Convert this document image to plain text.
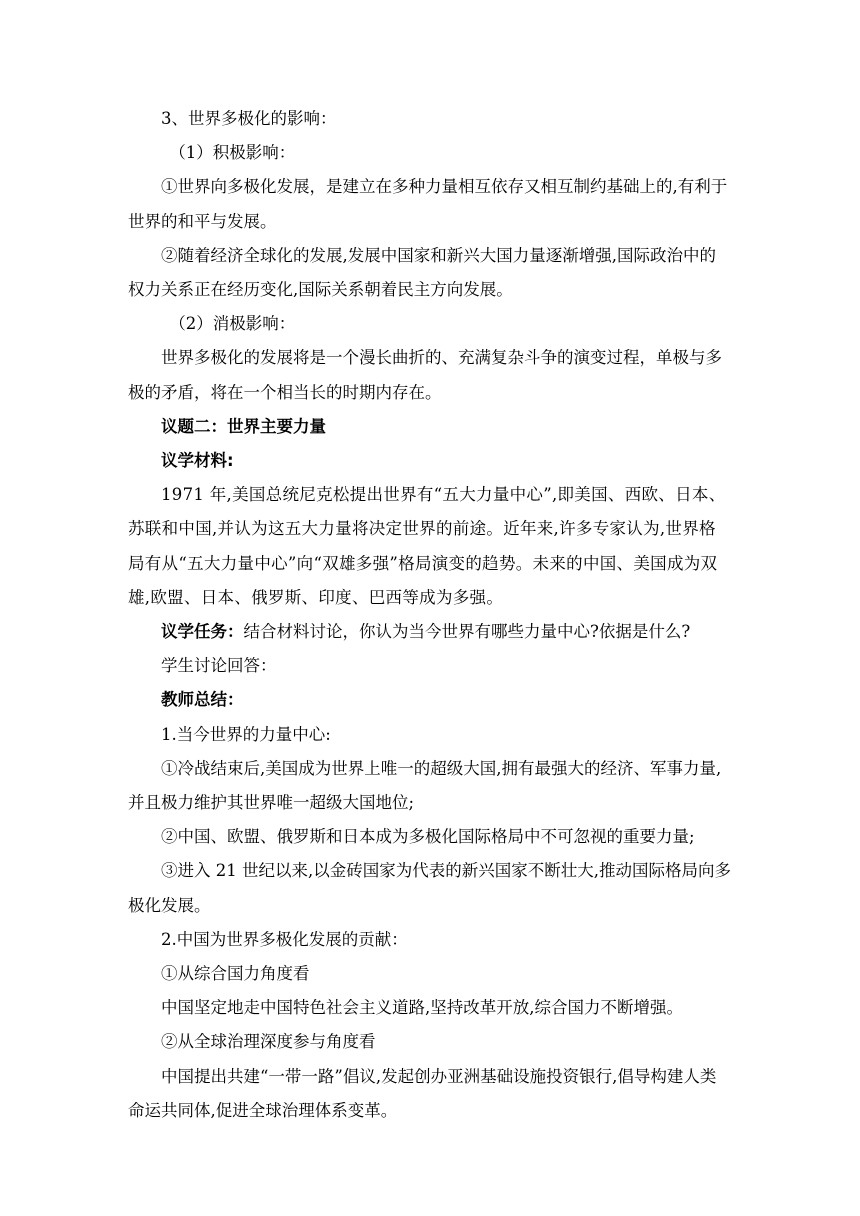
3、世界多极化的影响：

（1）积极影响：

①世界向多极化发展，是建立在多种力量相互依存又相互制约基础上的,有利于世界的和平与发展。

②随着经济全球化的发展,发展中国家和新兴大国力量逐渐增强,国际政治中的权力关系正在经历变化,国际关系朝着民主方向发展。

（2）消极影响：

世界多极化的发展将是一个漫长曲折的、充满复杂斗争的演变过程，单极与多极的矛盾，将在一个相当长的时期内存在。

议题二：世界主要力量

议学材料:

1971 年,美国总统尼克松提出世界有“五大力量中心”,即美国、西欧、日本、苏联和中国,并认为这五大力量将决定世界的前途。近年来,许多专家认为,世界格局有从“五大力量中心”向“双雄多强”格局演变的趋势。未来的中国、美国成为双雄,欧盟、日本、俄罗斯、印度、巴西等成为多强。

议学任务：结合材料讨论，你认为当今世界有哪些力量中心?依据是什么?

学生讨论回答：

教师总结：

1.当今世界的力量中心:

①冷战结束后,美国成为世界上唯一的超级大国,拥有最强大的经济、军事力量,并且极力维护其世界唯一超级大国地位;

②中国、欧盟、俄罗斯和日本成为多极化国际格局中不可忽视的重要力量;

③进入 21 世纪以来,以金砖国家为代表的新兴国家不断壮大,推动国际格局向多极化发展。

2.中国为世界多极化发展的贡献：

①从综合国力角度看

中国坚定地走中国特色社会主义道路,坚持改革开放,综合国力不断增强。

②从全球治理深度参与角度看

中国提出共建“一带一路”倡议,发起创办亚洲基础设施投资银行,倡导构建人类命运共同体,促进全球治理体系变革。
